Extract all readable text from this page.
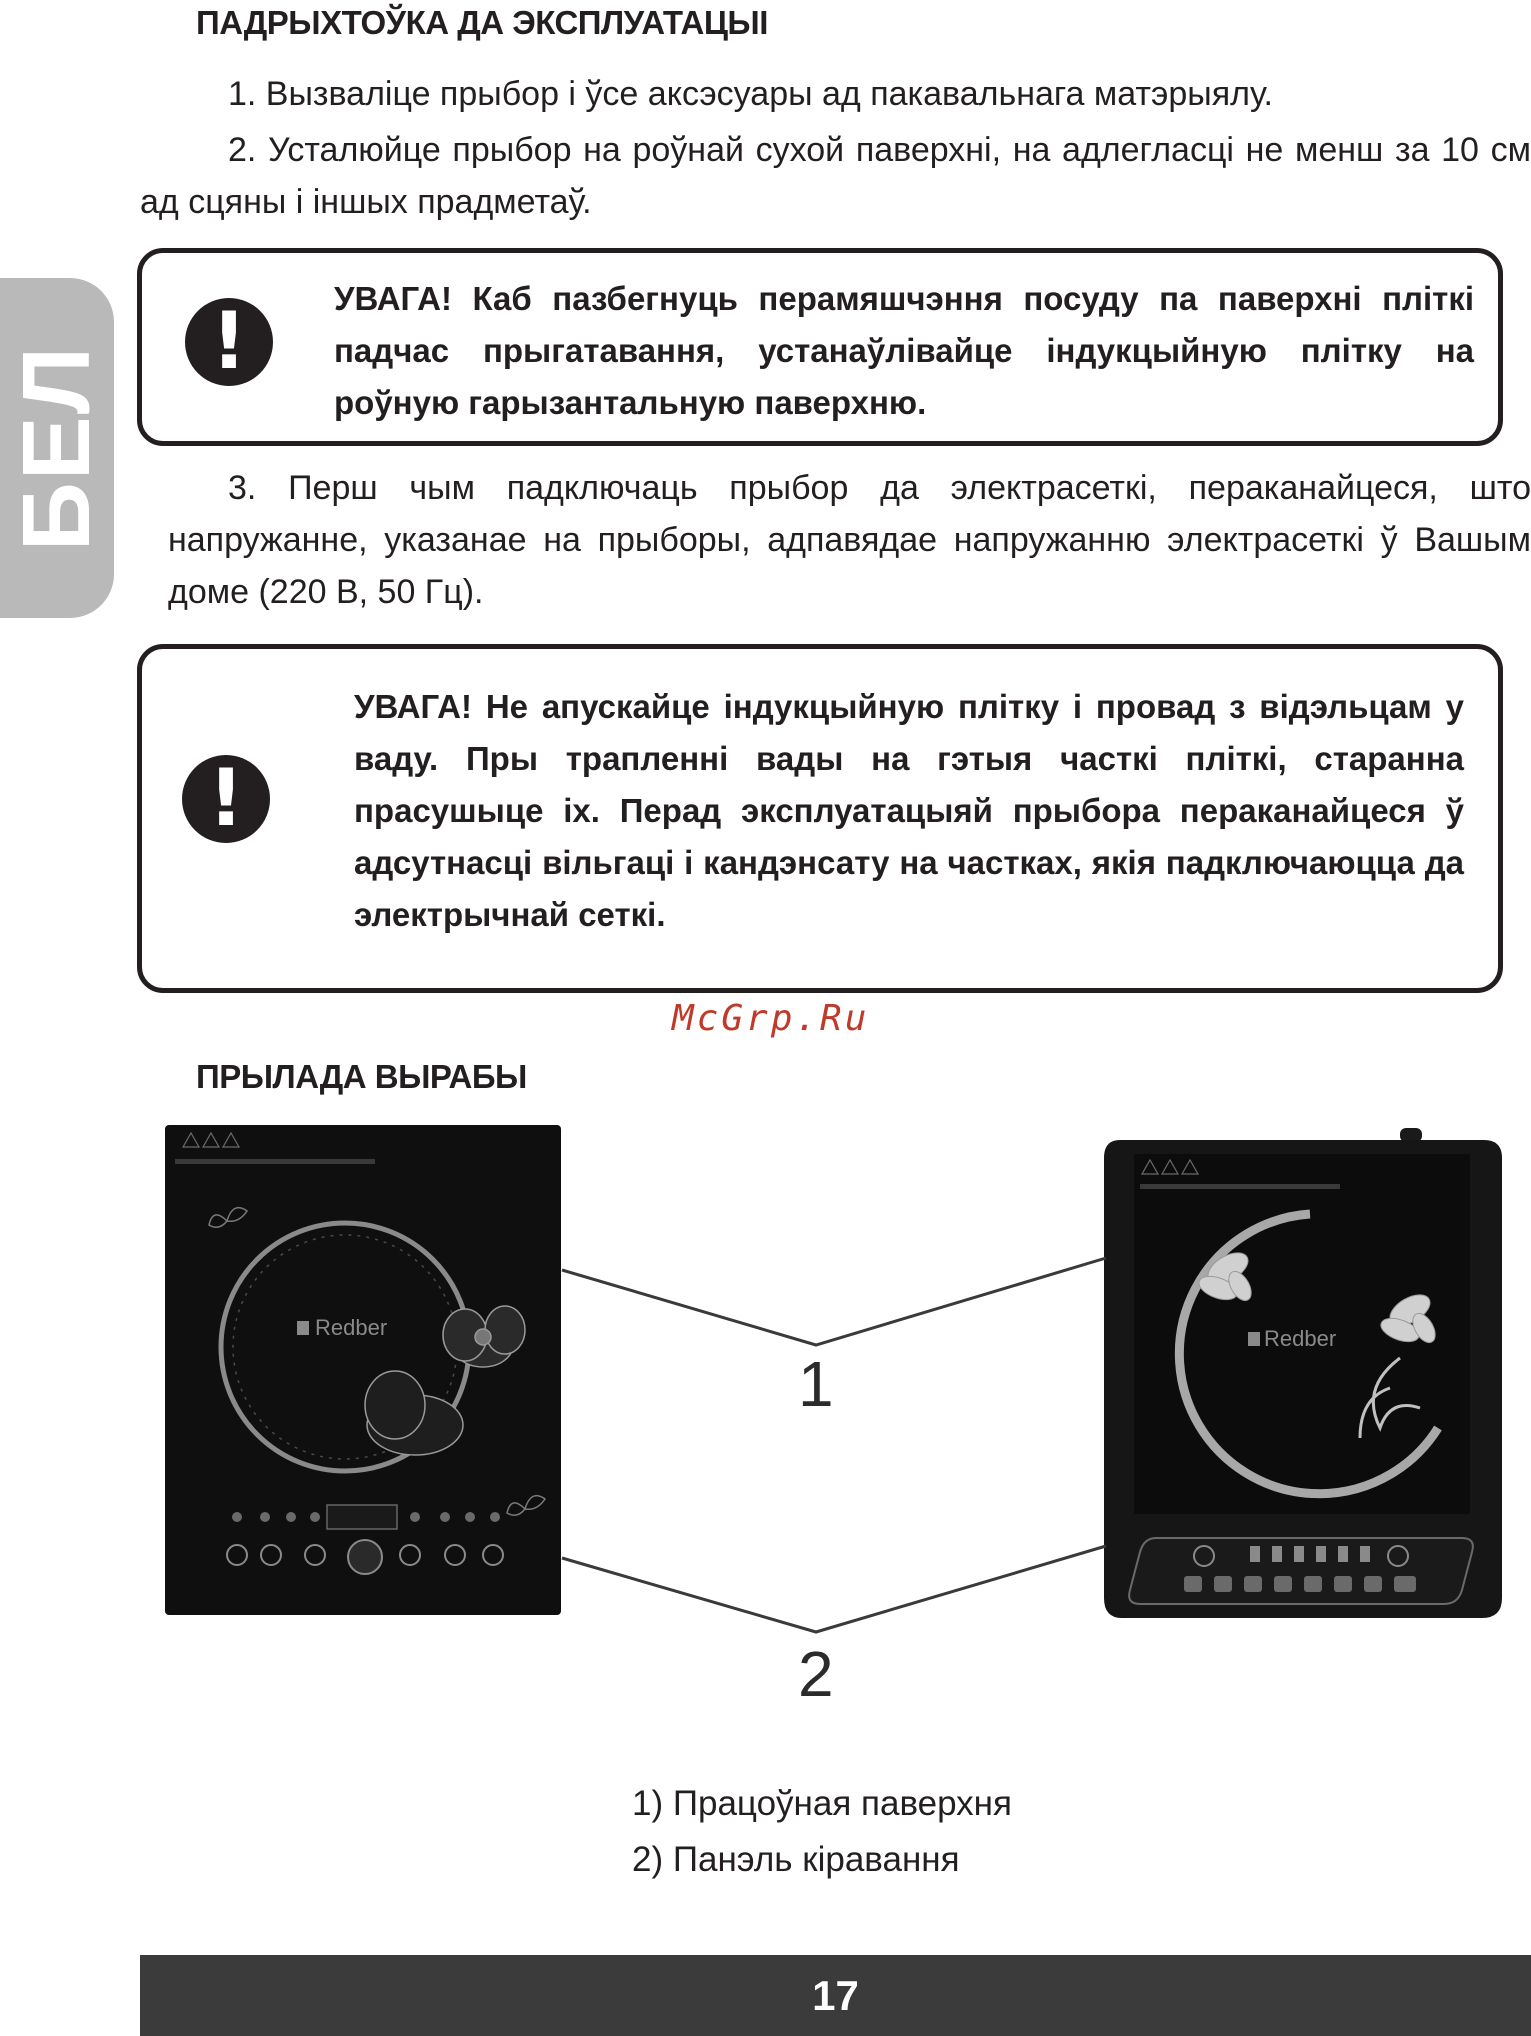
БЕЛ
ПАДРЫХТОЎКА ДА ЭКСПЛУАТАЦЫІ
1. Вызваліце прыбор і ўсе аксэсуары ад пакавальнага матэрыялу.
2. Усталюйце прыбор на роўнай сухой паверхні, на адлегласці не менш за 10 см ад сцяны і іншых прадметаў.
!	УВАГА! Каб пазбегнуць перамяшчэння посуду па паверхні пліткі падчас прыгатавання, устанаўлівайце індукцыйную плітку на роўную гарызантальную паверхню.
3. Перш чым падключаць прыбор да электрасеткі, пераканайцеся, што напружанне, указанае на прыборы, адпавядае напружанню электрасеткі ў Вашым доме (220 В, 50 Гц).
!
УВАГА! Не апускайце індукцыйную плітку і провад з відэльцам у ваду. Пры трапленні вады на гэтыя часткі пліткі, старанна прасушыце іх. Перад эксплуатацыяй прыбора пераканайцеся ў адсутнасці вільгаці і кандэнсату на частках, якія падключаюцца да электрычнай сеткі.
McGrp.Ru
ПРЫЛАДА ВЫРАБЫ
Redber	Redber
1
2
1) Працоўная паверхня
2) Панэль кіравання
17
